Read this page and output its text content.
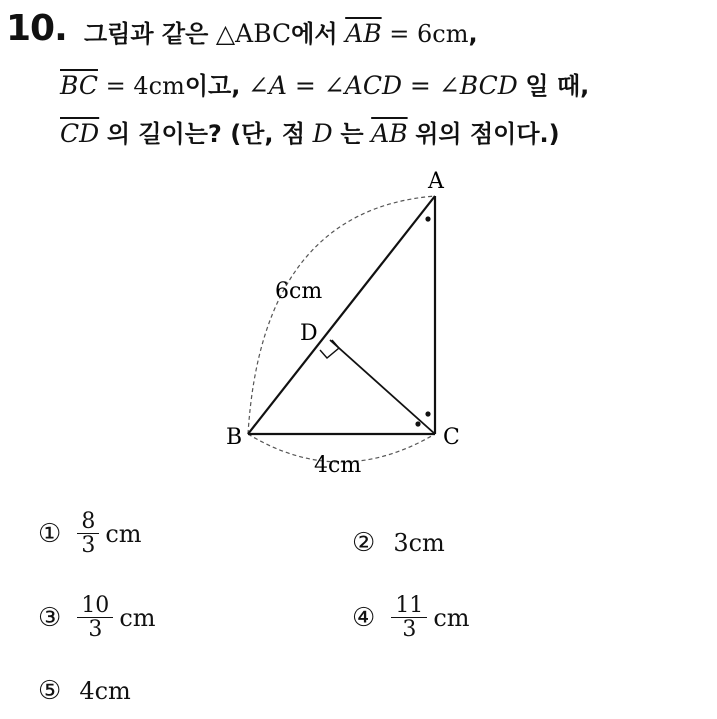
10. 그림과 같은 △ABC에서 $\overline{AB} = 6cm$,
$\overline{BC} = 4cm$이고, ∠A = ∠ACD = ∠BCD 일 때,
$\overline{CD}$ 의 길이는? (단, 점 D 는 $\overline{AB}$ 위의 점이다.)
A
B	C
D
6cm
4cm
① $\frac{8}{3}$ cm	② 3cm
③ $\frac{10}{3}$ cm	④ $\frac{11}{3}$ cm
⑤ 4cm
